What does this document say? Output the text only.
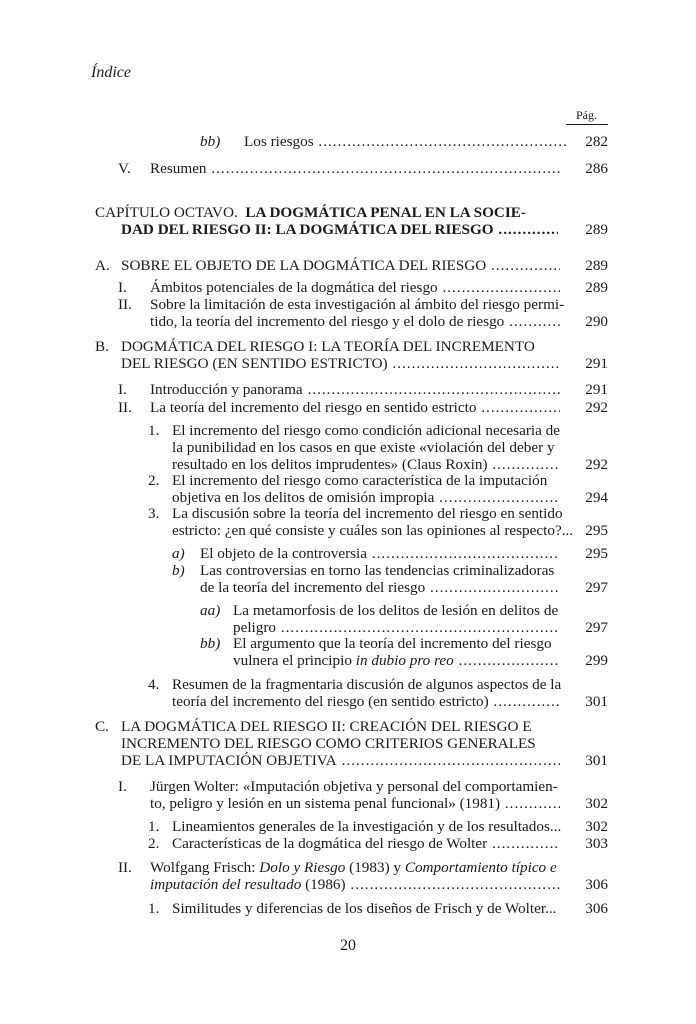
Índice
Pág.
bb) Los riesgos .....	282
V. Resumen .....	286
CAPÍTULO OCTAVO. LA DOGMÁTICA PENAL EN LA SOCIE-
DAD DEL RIESGO II: LA DOGMÁTICA DEL RIESGO .....	289
A. SOBRE EL OBJETO DE LA DOGMÁTICA DEL RIESGO .....	289
I. Ámbitos potenciales de la dogmática del riesgo .....	289
II. Sobre la limitación de esta investigación al ámbito del riesgo permi-
tido, la teoría del incremento del riesgo y el dolo de riesgo .....	290
B. DOGMÁTICA DEL RIESGO I: LA TEORÍA DEL INCREMENTO
DEL RIESGO (EN SENTIDO ESTRICTO) .....	291
I. Introducción y panorama .....	291
II. La teoría del incremento del riesgo en sentido estricto .....	292
1. El incremento del riesgo como condición adicional necesaria de
la punibilidad en los casos en que existe «violación del deber y
resultado en los delitos imprudentes» (Claus Roxin) .....	292
2. El incremento del riesgo como característica de la imputación
objetiva en los delitos de omisión impropia .....	294
3. La discusión sobre la teoría del incremento del riesgo en sentido
estricto: ¿en qué consiste y cuáles son las opiniones al respecto?... 295
a) El objeto de la controversia .....	295
b) Las controversias en torno las tendencias criminalizadoras
de la teoría del incremento del riesgo .....	297
aa) La metamorfosis de los delitos de lesión en delitos de
peligro .....	297
bb) El argumento que la teoría del incremento del riesgo
vulnera el principio in dubio pro reo .....	299
4. Resumen de la fragmentaria discusión de algunos aspectos de la
teoría del incremento del riesgo (en sentido estricto) .....	301
C. LA DOGMÁTICA DEL RIESGO II: CREACIÓN DEL RIESGO E
INCREMENTO DEL RIESGO COMO CRITERIOS GENERALES
DE LA IMPUTACIÓN OBJETIVA .....	301
I. Jürgen Wolter: «Imputación objetiva y personal del comportamien-
to, peligro y lesión en un sistema penal funcional» (1981) .....	302
1. Lineamientos generales de la investigación y de los resultados...	302
2. Características de la dogmática del riesgo de Wolter .....	303
II. Wolfgang Frisch: Dolo y Riesgo (1983) y Comportamiento típico e
imputación del resultado (1986) .....	306
1. Similitudes y diferencias de los diseños de Frisch y de Wolter...	306
20
